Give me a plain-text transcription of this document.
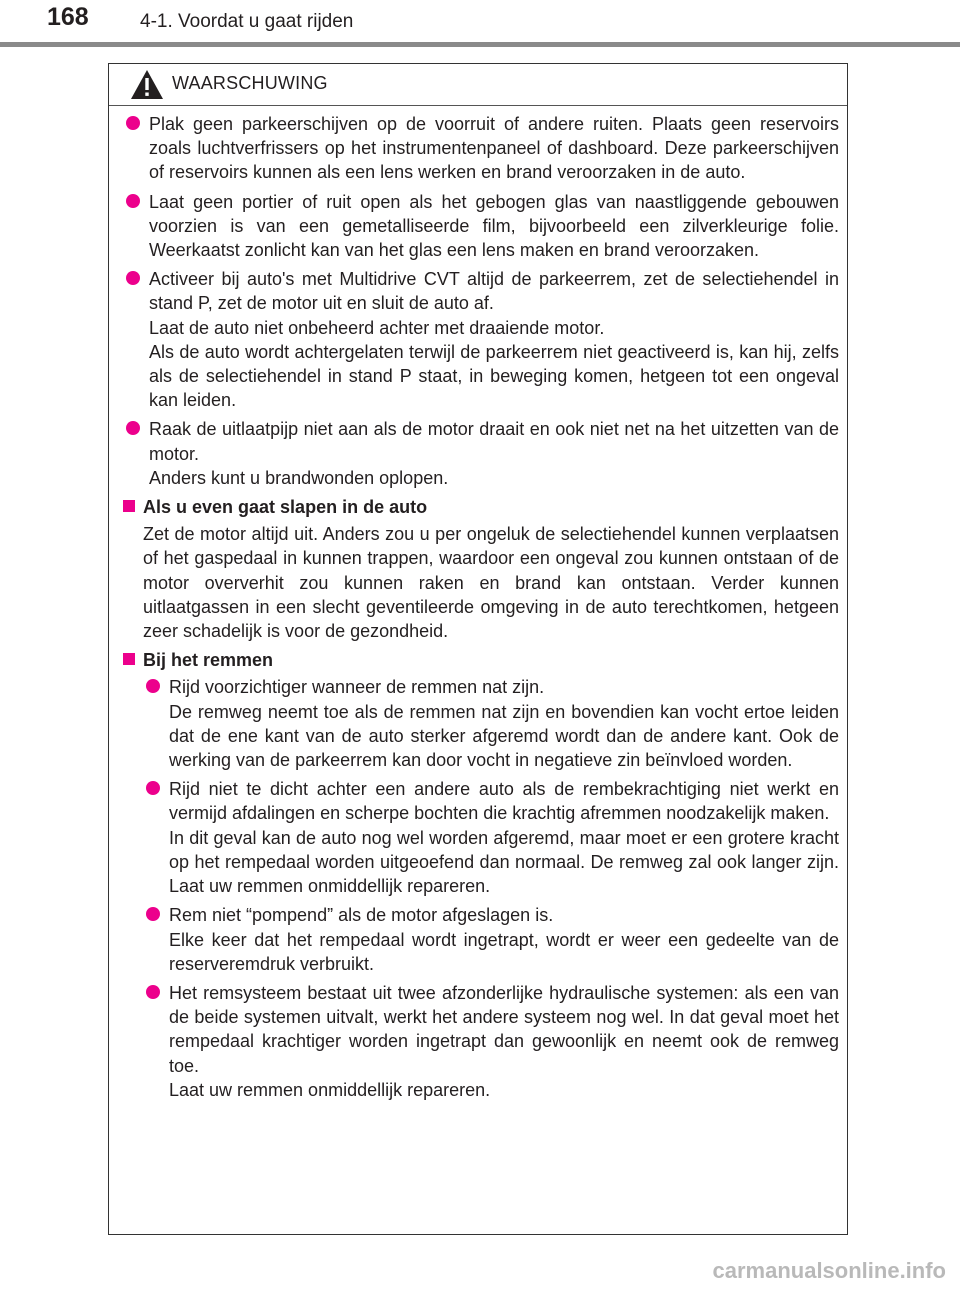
168	4-1. Voordat u gaat rijden
WAARSCHUWING

Plak geen parkeerschijven op de voorruit of andere ruiten. Plaats geen reservoirs zoals luchtverfrissers op het instrumentenpaneel of dashboard. Deze parkeerschijven of reservoirs kunnen als een lens werken en brand veroorzaken in de auto.

Laat geen portier of ruit open als het gebogen glas van naastliggende gebouwen voorzien is van een gemetalliseerde film, bijvoorbeeld een zilverkleurige folie. Weerkaatst zonlicht kan van het glas een lens maken en brand veroorzaken.

Activeer bij auto's met Multidrive CVT altijd de parkeerrem, zet de selectiehendel in stand P, zet de motor uit en sluit de auto af.

Laat de auto niet onbeheerd achter met draaiende motor.

Als de auto wordt achtergelaten terwijl de parkeerrem niet geactiveerd is, kan hij, zelfs als de selectiehendel in stand P staat, in beweging komen, hetgeen tot een ongeval kan leiden.

Raak de uitlaatpijp niet aan als de motor draait en ook niet net na het uitzetten van de motor.

Anders kunt u brandwonden oplopen.

Als u even gaat slapen in de auto

Zet de motor altijd uit. Anders zou u per ongeluk de selectiehendel kunnen verplaatsen of het gaspedaal in kunnen trappen, waardoor een ongeval zou kunnen ontstaan of de motor oververhit zou kunnen raken en brand kan ontstaan. Verder kunnen uitlaatgassen in een slecht geventileerde omgeving in de auto terechtkomen, hetgeen zeer schadelijk is voor de gezondheid.

Bij het remmen

Rijd voorzichtiger wanneer de remmen nat zijn.

De remweg neemt toe als de remmen nat zijn en bovendien kan vocht ertoe leiden dat de ene kant van de auto sterker afgeremd wordt dan de andere kant. Ook de werking van de parkeerrem kan door vocht in negatieve zin beïnvloed worden.

Rijd niet te dicht achter een andere auto als de rembekrachtiging niet werkt en vermijd afdalingen en scherpe bochten die krachtig afremmen noodzakelijk maken.

In dit geval kan de auto nog wel worden afgeremd, maar moet er een grotere kracht op het rempedaal worden uitgeoefend dan normaal. De remweg zal ook langer zijn. Laat uw remmen onmiddellijk repareren.

Rem niet “pompend” als de motor afgeslagen is.

Elke keer dat het rempedaal wordt ingetrapt, wordt er weer een gedeelte van de reserveremdruk verbruikt.

Het remsysteem bestaat uit twee afzonderlijke hydraulische systemen: als een van de beide systemen uitvalt, werkt het andere systeem nog wel. In dat geval moet het rempedaal krachtiger worden ingetrapt dan gewoonlijk en neemt ook de remweg toe.

Laat uw remmen onmiddellijk repareren.

carmanualsonline.info
